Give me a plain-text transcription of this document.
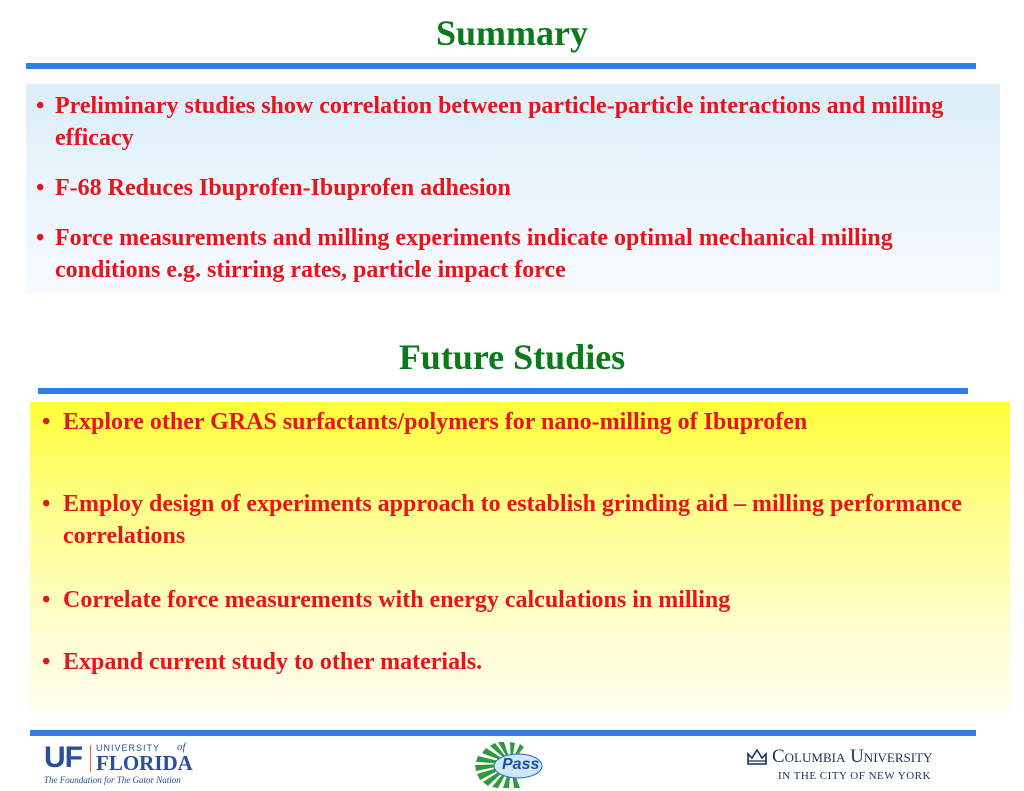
Summary
• Preliminary studies show correlation between particle-particle interactions and milling efficacy
• F-68 Reduces Ibuprofen-Ibuprofen adhesion
• Force measurements and milling experiments indicate optimal mechanical milling conditions e.g. stirring rates, particle impact force
Future Studies
• Explore other GRAS surfactants/polymers for nano-milling of Ibuprofen
• Employ design of experiments approach to establish grinding aid – milling performance correlations
• Correlate force measurements with energy calculations in milling
• Expand current study to other materials.
UF UNIVERSITY of
FLORIDA
The Foundation for The Gator Nation
Pass	Columbia University
IN THE CITY OF NEW YORK
